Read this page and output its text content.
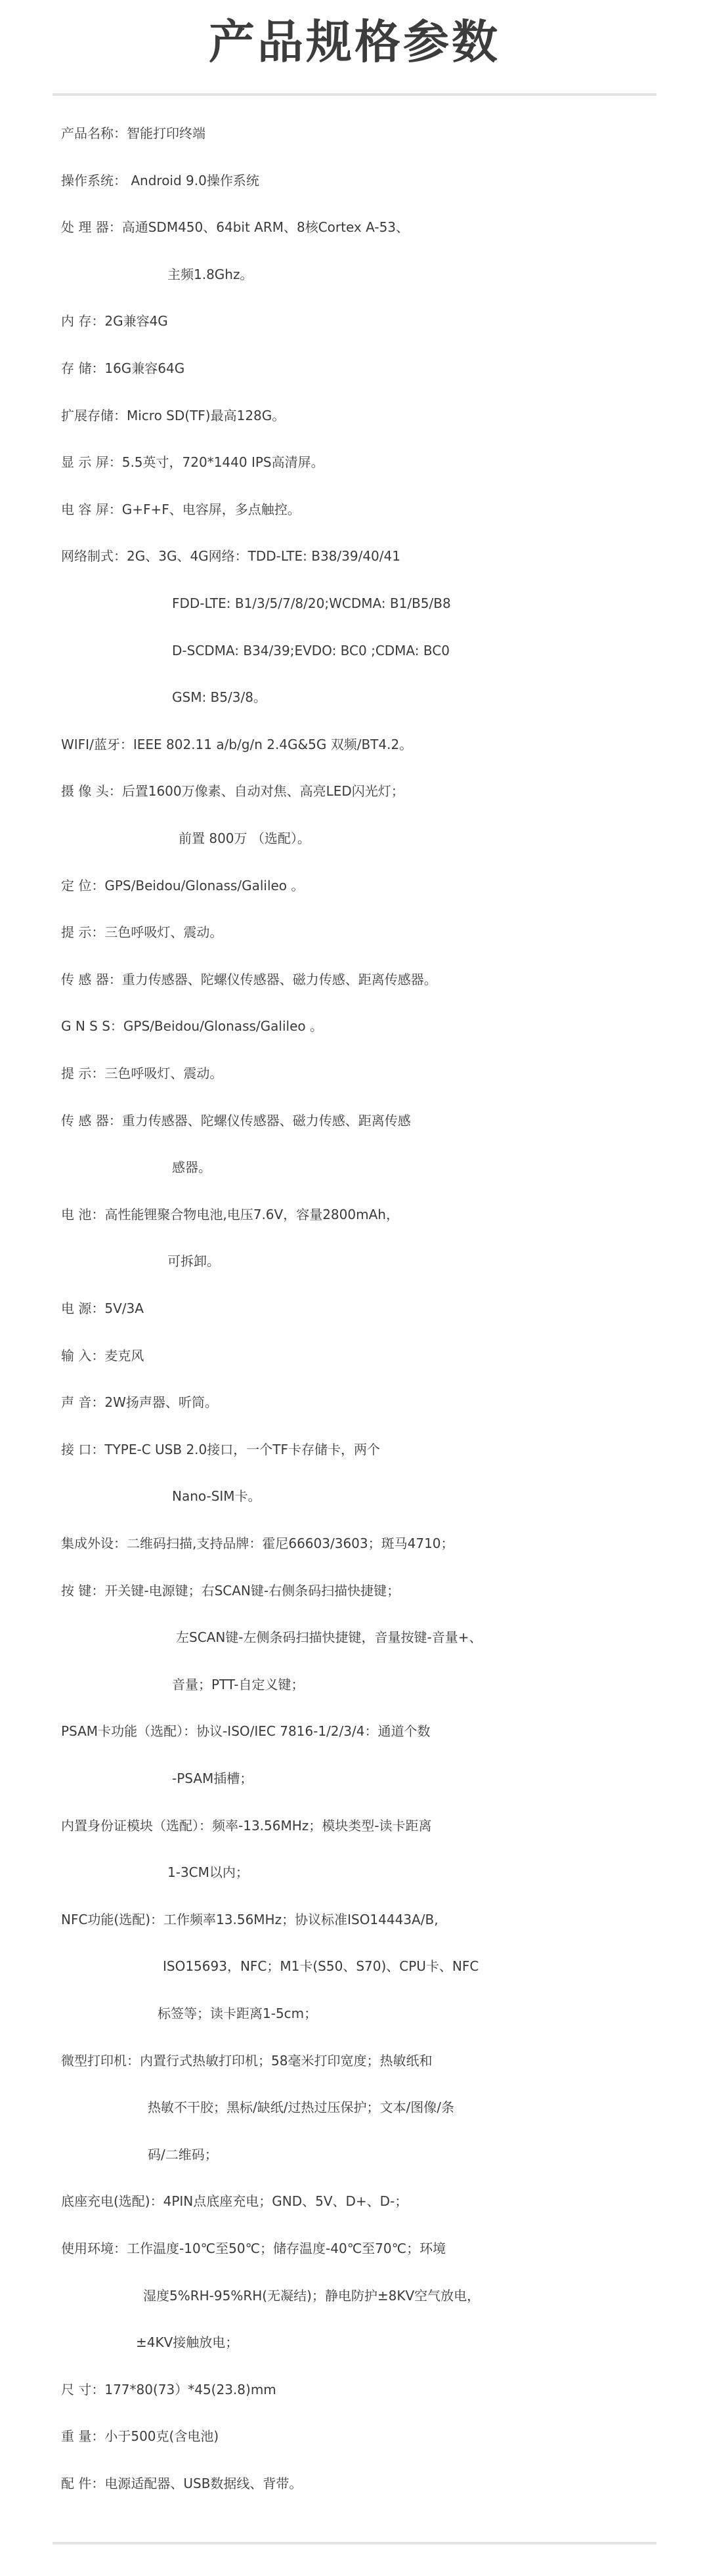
产品规格参数
产品名称：智能打印终端
操作系统： Android 9.0操作系统
处 理 器：高通SDM450、64bit ARM、8核Cortex A-53、
主频1.8Ghz。
内 存：2G兼容4G
存 储：16G兼容64G
扩展存储：Micro SD(TF)最高128G。
显 示 屏：5.5英寸，720*1440 IPS高清屏。
电 容 屏：G+F+F、电容屏，多点触控。
网络制式：2G、3G、4G网络：TDD-LTE: B38/39/40/41
FDD-LTE: B1/3/5/7/8/20;WCDMA: B1/B5/B8
D-SCDMA: B34/39;EVDO: BC0 ;CDMA: BC0
GSM: B5/3/8。
WIFI/蓝牙：IEEE 802.11 a/b/g/n 2.4G&5G 双频/BT4.2。
摄 像 头：后置1600万像素、自动对焦、高亮LED闪光灯；
前置 800万 （选配）。
定 位：GPS/Beidou/Glonass/Galileo 。
提 示：三色呼吸灯、震动。
传 感 器：重力传感器、陀螺仪传感器、磁力传感、距离传感器。
G N S S：GPS/Beidou/Glonass/Galileo 。
提 示：三色呼吸灯、震动。
传 感 器：重力传感器、陀螺仪传感器、磁力传感、距离传感
感器。
电 池：高性能锂聚合物电池,电压7.6V，容量2800mAh，
可拆卸。
电 源：5V/3A
输 入：麦克风
声 音：2W扬声器、听筒。
接 口：TYPE-C USB 2.0接口，一个TF卡存储卡，两个
Nano-SIM卡。
集成外设：二维码扫描,支持品牌：霍尼66603/3603；斑马4710；
按 键：开关键-电源键；右SCAN键-右侧条码扫描快捷键；
左SCAN键-左侧条码扫描快捷键，音量按键-音量+、
音量；PTT-自定义键；
PSAM卡功能（选配）：协议-ISO/IEC 7816-1/2/3/4：通道个数
-PSAM插槽；
内置身份证模块（选配）：频率-13.56MHz；模块类型-读卡距离
1-3CM以内；
NFC功能(选配)：工作频率13.56MHz；协议标准ISO14443A/B,
ISO15693，NFC；M1卡(S50、S70)、CPU卡、NFC
标签等；读卡距离1-5cm；
微型打印机：内置行式热敏打印机；58毫米打印宽度；热敏纸和
热敏不干胶；黑标/缺纸/过热过压保护；文本/图像/条
码/二维码；
底座充电(选配)：4PIN点底座充电；GND、5V、D+、D-；
使用环境：工作温度-10℃至50℃；储存温度-40℃至70℃；环境
湿度5%RH-95%RH(无凝结)；静电防护±8KV空气放电，
±4KV接触放电；
尺 寸：177*80(73）*45(23.8)mm
重 量：小于500克(含电池)
配 件：电源适配器、USB数据线、背带。
